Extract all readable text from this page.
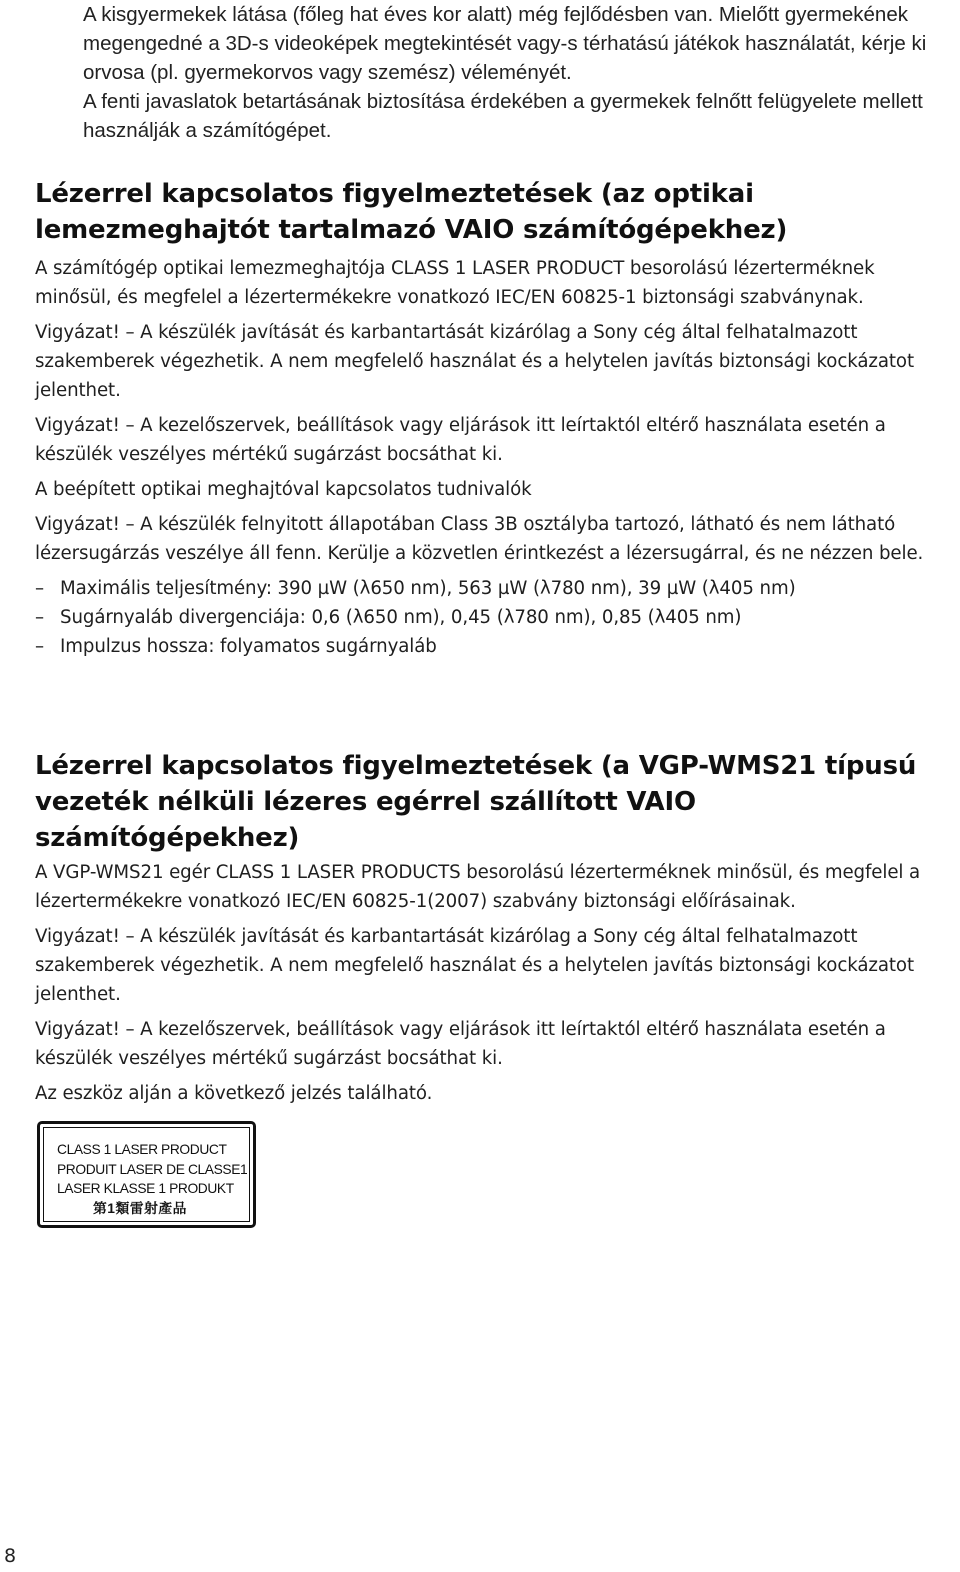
A kisgyermekek látása (főleg hat éves kor alatt) még fejlődésben van. Mielőtt gyermekének megengedné a 3D-s videoképek megtekintését vagy-s térhatású játékok használatát, kérje ki orvosa (pl. gyermekorvos vagy szemész) véleményét.

A fenti javaslatok betartásának biztosítása érdekében a gyermekek felnőtt felügyelete mellett használják a számítógépet.

Lézerrel kapcsolatos figyelmeztetések (az optikai lemezmeghajtót tartalmazó VAIO számítógépekhez)

A számítógép optikai lemezmeghajtója CLASS 1 LASER PRODUCT besorolású lézerterméknek minősül, és megfelel a lézertermékekre vonatkozó IEC/EN 60825-1 biztonsági szabványnak.

Vigyázat! – A készülék javítását és karbantartását kizárólag a Sony cég által felhatalmazott szakemberek végezhetik. A nem megfelelő használat és a helytelen javítás biztonsági kockázatot jelenthet.

Vigyázat! – A kezelőszervek, beállítások vagy eljárások itt leírtaktól eltérő használata esetén a készülék veszélyes mértékű sugárzást bocsáthat ki.

A beépített optikai meghajtóval kapcsolatos tudnivalók

Vigyázat! – A készülék felnyitott állapotában Class 3B osztályba tartozó, látható és nem látható lézersugárzás veszélye áll fenn. Kerülje a közvetlen érintkezést a lézersugárral, és ne nézzen bele.

– Maximális teljesítmény: 390 µW (λ650 nm), 563 µW (λ780 nm), 39 µW (λ405 nm)
– Sugárnyaláb divergenciája: 0,6 (λ650 nm), 0,45 (λ780 nm), 0,85 (λ405 nm)
– Impulzus hossza: folyamatos sugárnyaláb
Lézerrel kapcsolatos figyelmeztetések (a VGP-WMS21 típusú vezeték nélküli lézeres egérrel szállított VAIO számítógépekhez)

A VGP-WMS21 egér CLASS 1 LASER PRODUCTS besorolású lézerterméknek minősül, és megfelel a lézertermékekre vonatkozó IEC/EN 60825-1(2007) szabvány biztonsági előírásainak.

Vigyázat! – A készülék javítását és karbantartását kizárólag a Sony cég által felhatalmazott szakemberek végezhetik. A nem megfelelő használat és a helytelen javítás biztonsági kockázatot jelenthet.

Vigyázat! – A kezelőszervek, beállítások vagy eljárások itt leírtaktól eltérő használata esetén a készülék veszélyes mértékű sugárzást bocsáthat ki.

Az eszköz alján a következő jelzés található.

CLASS 1 LASER PRODUCT
PRODUIT LASER DE CLASSE1
LASER KLASSE 1 PRODUKT
第1類雷射產品
8
